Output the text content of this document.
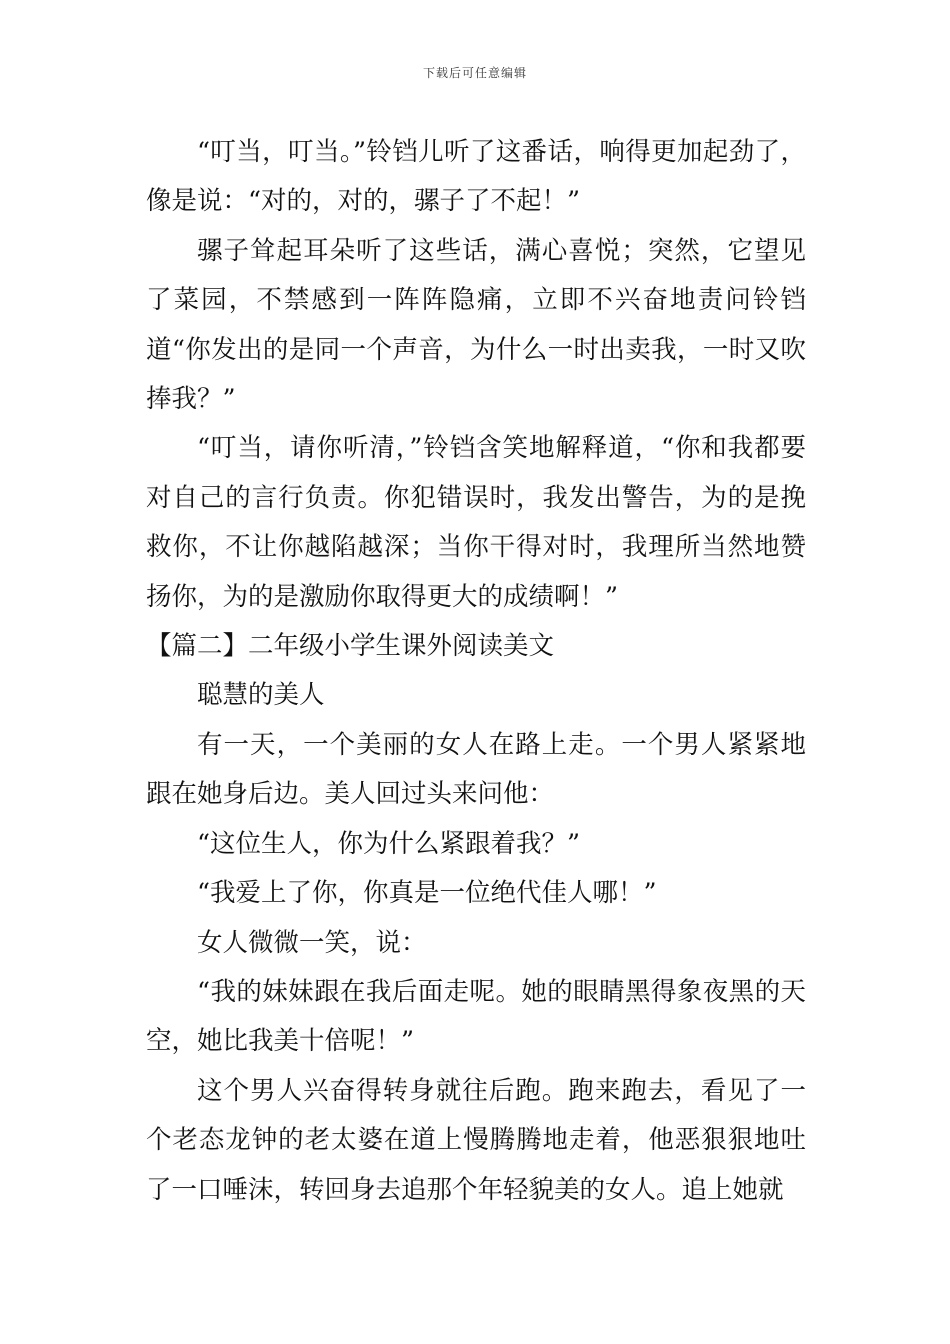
下载后可任意编辑

“叮当，叮当。”铃铛儿听了这番话，响得更加起劲了，像是说：“对的，对的，骡子了不起！”

骡子耸起耳朵听了这些话，满心喜悦；突然，它望见了菜园，不禁感到一阵阵隐痛，立即不兴奋地责问铃铛道“你发出的是同一个声音，为什么一时出卖我，一时又吹捧我？”

“叮当，请你听清，”铃铛含笑地解释道，“你和我都要对自己的言行负责。你犯错误时，我发出警告，为的是挽救你，不让你越陷越深；当你干得对时，我理所当然地赞扬你，为的是激励你取得更大的成绩啊！”

【篇二】二年级小学生课外阅读美文

聪慧的美人

有一天，一个美丽的女人在路上走。一个男人紧紧地跟在她身后边。美人回过头来问他：

“这位生人，你为什么紧跟着我？”

“我爱上了你，你真是一位绝代佳人哪！”

女人微微一笑，说：

“我的妹妹跟在我后面走呢。她的眼睛黑得象夜黑的天空，她比我美十倍呢！”

这个男人兴奋得转身就往后跑。跑来跑去，看见了一个老态龙钟的老太婆在道上慢腾腾地走着，他恶狠狠地吐了一口唾沫，转回身去追那个年轻貌美的女人。追上她就
